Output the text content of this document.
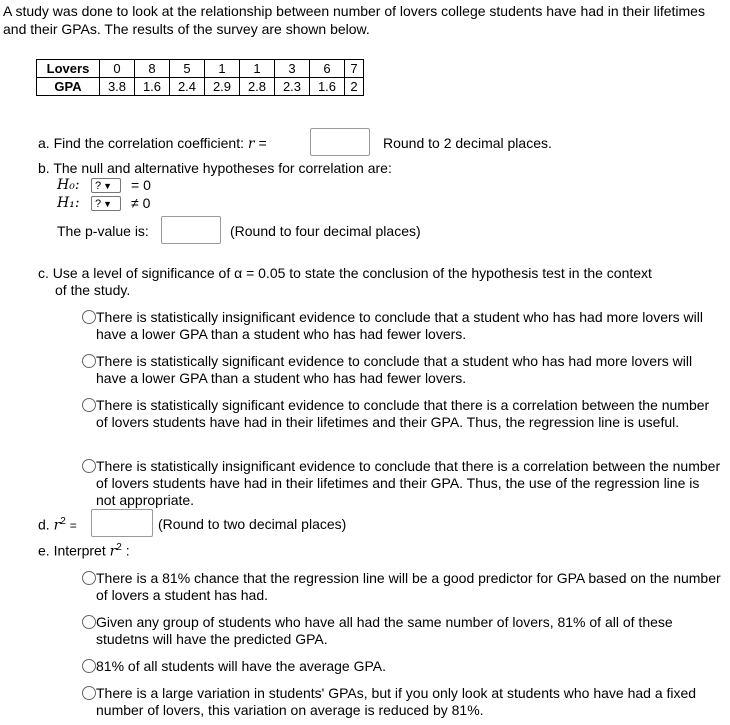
A study was done to look at the relationship between number of lovers college students have had in their lifetimes and their GPAs. The results of the survey are shown below.
Lovers	0	8	5	1	1	3	6	7
GPA	3.8	1.6	2.4	2.9	2.8	2.3	1.6	2
a. Find the correlation coefficient: r =	Round to 2 decimal places.
b. The null and alternative hypotheses for correlation are:
H₀:	? ▼	= 0
H₁:	? ▼	≠ 0
The p-value is:	(Round to four decimal places)
c. Use a level of significance of α = 0.05 to state the conclusion of the hypothesis test in the context
of the study.
There is statistically insignificant evidence to conclude that a student who has had more lovers will have a lower GPA than a student who has had fewer lovers.
There is statistically significant evidence to conclude that a student who has had more lovers will have a lower GPA than a student who has had fewer lovers.
There is statistically significant evidence to conclude that there is a correlation between the number of lovers students have had in their lifetimes and their GPA. Thus, the regression line is useful.
There is statistically insignificant evidence to conclude that there is a correlation between the number of lovers students have had in their lifetimes and their GPA. Thus, the use of the regression line is not appropriate.
d. $r^2$ =	(Round to two decimal places)
e. Interpret $r^2$ :
There is a 81% chance that the regression line will be a good predictor for GPA based on the number of lovers a student has had.
Given any group of students who have all had the same number of lovers, 81% of all of these studetns will have the predicted GPA.
81% of all students will have the average GPA.
There is a large variation in students' GPAs, but if you only look at students who have had a fixed number of lovers, this variation on average is reduced by 81%.
